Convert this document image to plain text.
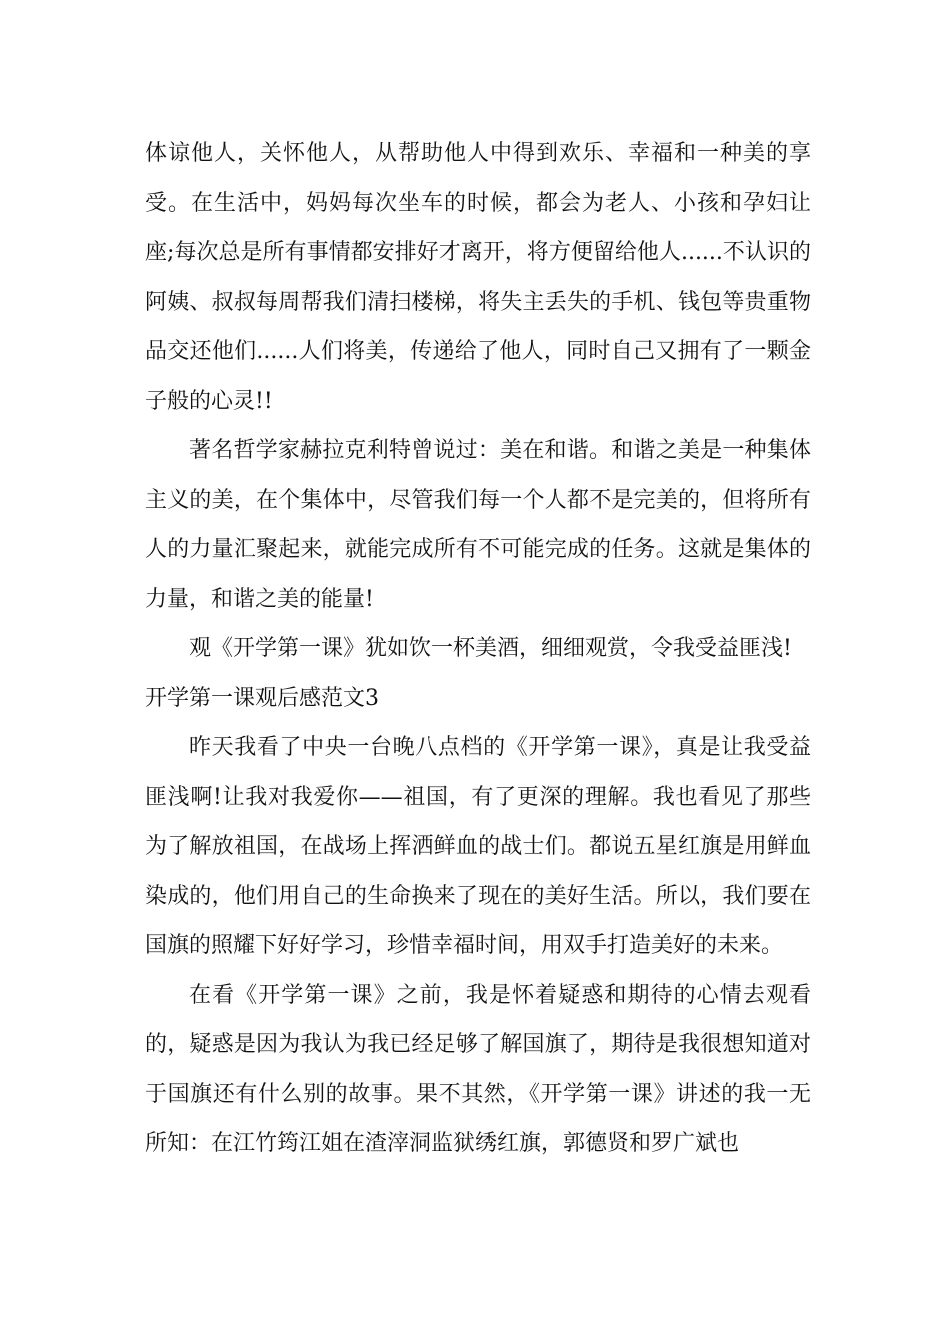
体谅他人，关怀他人，从帮助他人中得到欢乐、幸福和一种美的享受。在生活中，妈妈每次坐车的时候，都会为老人、小孩和孕妇让座;每次总是所有事情都安排好才离开，将方便留给他人......不认识的阿姨、叔叔每周帮我们清扫楼梯，将失主丢失的手机、钱包等贵重物品交还他们......人们将美，传递给了他人，同时自己又拥有了一颗金子般的心灵!!

著名哲学家赫拉克利特曾说过：美在和谐。和谐之美是一种集体主义的美，在个集体中，尽管我们每一个人都不是完美的，但将所有人的力量汇聚起来，就能完成所有不可能完成的任务。这就是集体的力量，和谐之美的能量!

观《开学第一课》犹如饮一杯美酒，细细观赏，令我受益匪浅!

开学第一课观后感范文3

昨天我看了中央一台晚八点档的《开学第一课》，真是让我受益匪浅啊!让我对我爱你——祖国，有了更深的理解。我也看见了那些为了解放祖国，在战场上挥洒鲜血的战士们。都说五星红旗是用鲜血染成的，他们用自己的生命换来了现在的美好生活。所以，我们要在国旗的照耀下好好学习，珍惜幸福时间，用双手打造美好的未来。

在看《开学第一课》之前，我是怀着疑惑和期待的心情去观看的，疑惑是因为我认为我已经足够了解国旗了，期待是我很想知道对于国旗还有什么别的故事。果不其然，《开学第一课》讲述的我一无所知：在江竹筠江姐在渣滓洞监狱绣红旗，郭德贤和罗广斌也
